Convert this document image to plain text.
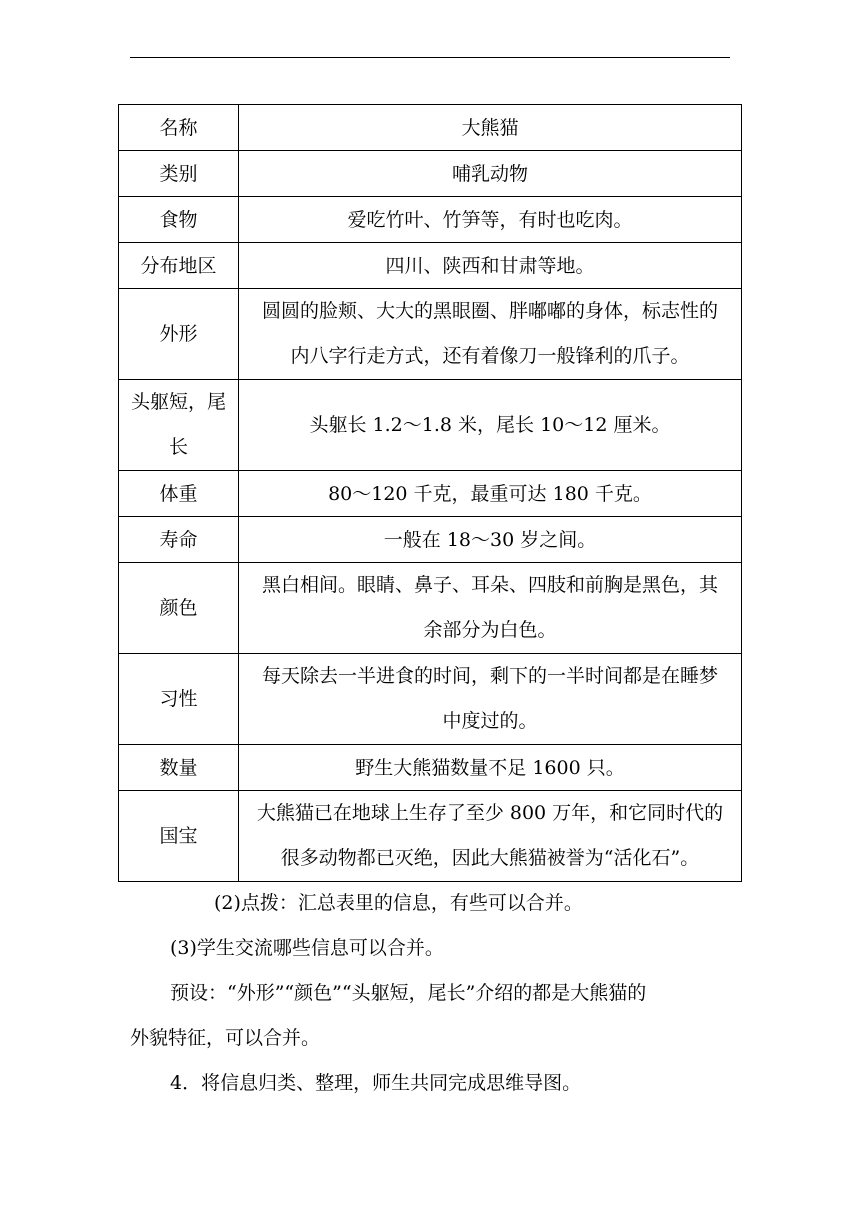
名称	大熊猫
类别	哺乳动物
食物	爱吃竹叶、竹笋等，有时也吃肉。
分布地区	四川、陕西和甘肃等地。
外形	圆圆的脸颊、大大的黑眼圈、胖嘟嘟的身体，标志性的
内八字行走方式，还有着像刀一般锋利的爪子。
头躯短，尾
长	头躯长 1.2～1.8 米，尾长 10～12 厘米。
体重	80～120 千克，最重可达 180 千克。
寿命	一般在 18～30 岁之间。
颜色	黑白相间。眼睛、鼻子、耳朵、四肢和前胸是黑色，其
余部分为白色。
习性	每天除去一半进食的时间，剩下的一半时间都是在睡梦
中度过的。
数量	野生大熊猫数量不足 1600 只。
国宝	大熊猫已在地球上生存了至少 800 万年，和它同时代的
很多动物都已灭绝，因此大熊猫被誉为“活化石”。
(2)点拨：汇总表里的信息，有些可以合并。
(3)学生交流哪些信息可以合并。
预设：“外形”“颜色”“头躯短，尾长”介绍的都是大熊猫的
外貌特征，可以合并。
4．将信息归类、整理，师生共同完成思维导图。
